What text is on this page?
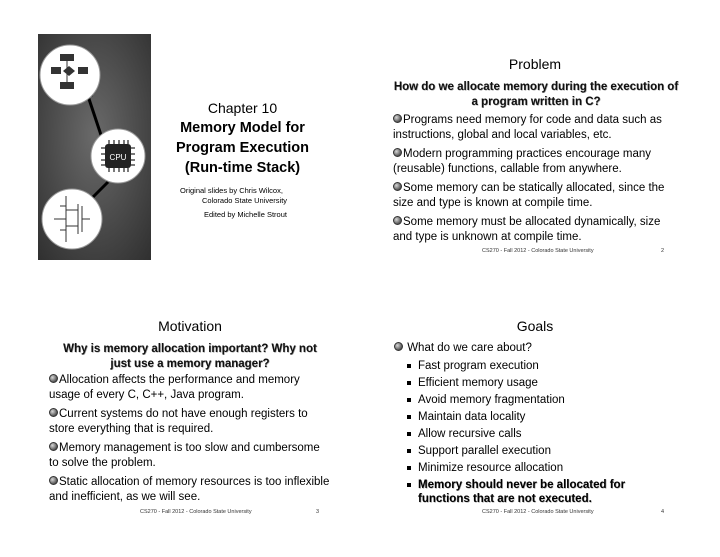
CPU
Chapter 10
Memory Model for
Program Execution
(Run-time Stack)
Original slides by Chris Wilcox,
Colorado State University
Edited by Michelle Strout
Problem
How do we allocate memory during the execution of a program written in C?
Programs need memory for code and data such as instructions, global and local variables, etc.
Modern programming practices encourage many (reusable) functions, callable from anywhere.
Some memory can be statically allocated, since the size and type is known at compile time.
Some memory must be allocated dynamically, size and type is unknown at compile time.
CS270 - Fall 2012 - Colorado State University	2
Motivation
Why is memory allocation important? Why not just use a memory manager?
Allocation affects the performance and memory usage of every C, C++, Java program.
Current systems do not have enough registers to store everything that is required.
Memory management is too slow and cumbersome to solve the problem.
Static allocation of memory resources is too inflexible and inefficient, as we will see.
CS270 - Fall 2012 - Colorado State University	3
Goals
What do we care about?
Fast program execution
Efficient memory usage
Avoid memory fragmentation
Maintain data locality
Allow recursive calls
Support parallel execution
Minimize resource allocation
Memory should never be allocated for functions that are not executed.
CS270 - Fall 2012 - Colorado State University	4
